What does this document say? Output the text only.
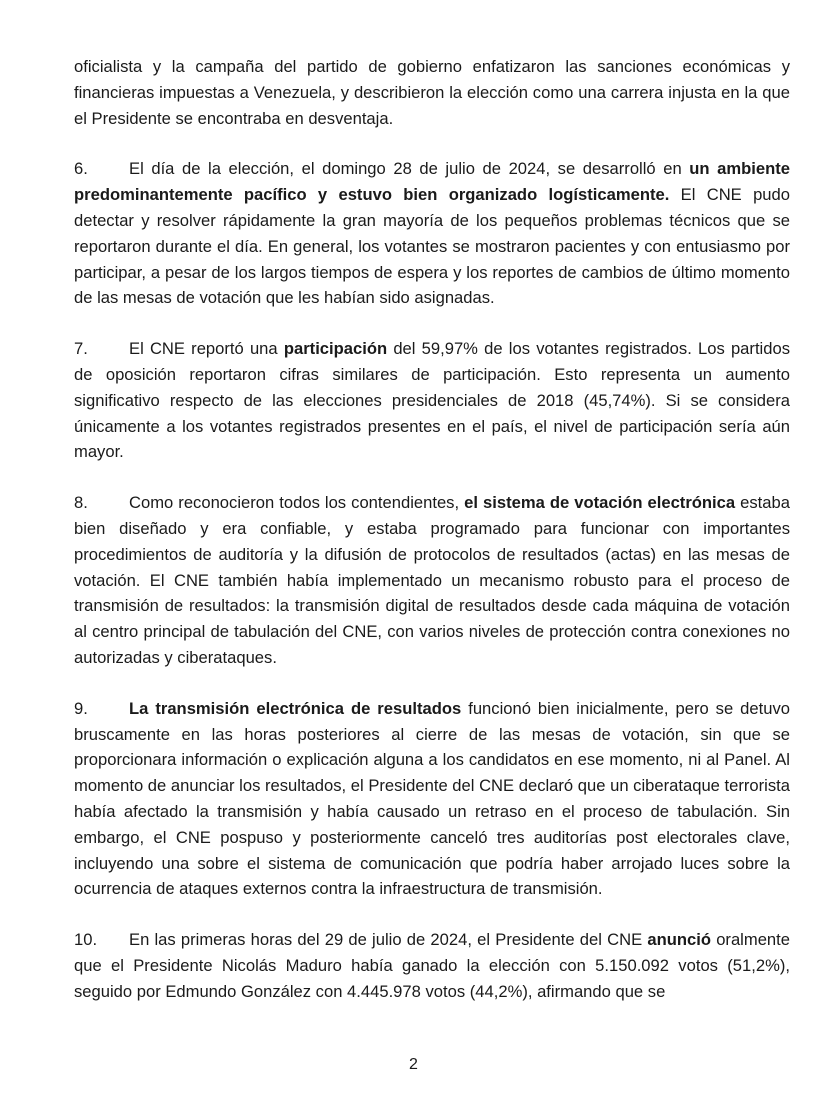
oficialista y la campaña del partido de gobierno enfatizaron las sanciones económicas y financieras impuestas a Venezuela, y describieron la elección como una carrera injusta en la que el Presidente se encontraba en desventaja.

6. El día de la elección, el domingo 28 de julio de 2024, se desarrolló en un ambiente predominantemente pacífico y estuvo bien organizado logísticamente. El CNE pudo detectar y resolver rápidamente la gran mayoría de los pequeños problemas técnicos que se reportaron durante el día. En general, los votantes se mostraron pacientes y con entusiasmo por participar, a pesar de los largos tiempos de espera y los reportes de cambios de último momento de las mesas de votación que les habían sido asignadas.

7. El CNE reportó una participación del 59,97% de los votantes registrados. Los partidos de oposición reportaron cifras similares de participación. Esto representa un aumento significativo respecto de las elecciones presidenciales de 2018 (45,74%). Si se considera únicamente a los votantes registrados presentes en el país, el nivel de participación sería aún mayor.

8. Como reconocieron todos los contendientes, el sistema de votación electrónica estaba bien diseñado y era confiable, y estaba programado para funcionar con importantes procedimientos de auditoría y la difusión de protocolos de resultados (actas) en las mesas de votación. El CNE también había implementado un mecanismo robusto para el proceso de transmisión de resultados: la transmisión digital de resultados desde cada máquina de votación al centro principal de tabulación del CNE, con varios niveles de protección contra conexiones no autorizadas y ciberataques.

9. La transmisión electrónica de resultados funcionó bien inicialmente, pero se detuvo bruscamente en las horas posteriores al cierre de las mesas de votación, sin que se proporcionara información o explicación alguna a los candidatos en ese momento, ni al Panel. Al momento de anunciar los resultados, el Presidente del CNE declaró que un ciberataque terrorista había afectado la transmisión y había causado un retraso en el proceso de tabulación. Sin embargo, el CNE pospuso y posteriormente canceló tres auditorías post electorales clave, incluyendo una sobre el sistema de comunicación que podría haber arrojado luces sobre la ocurrencia de ataques externos contra la infraestructura de transmisión.

10. En las primeras horas del 29 de julio de 2024, el Presidente del CNE anunció oralmente que el Presidente Nicolás Maduro había ganado la elección con 5.150.092 votos (51,2%), seguido por Edmundo González con 4.445.978 votos (44,2%), afirmando que se

2
